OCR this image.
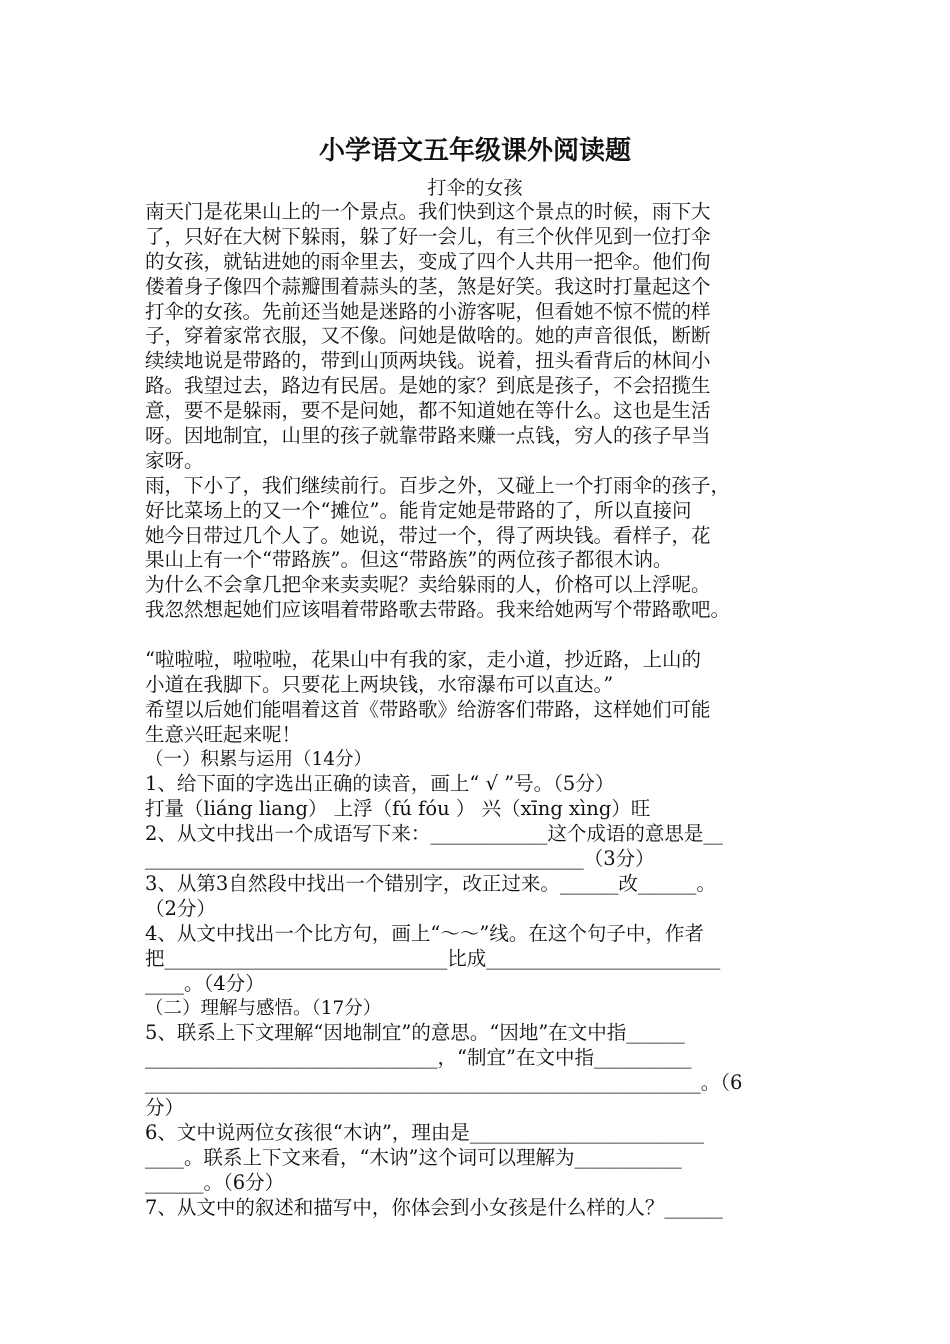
小学语文五年级课外阅读题
打伞的女孩
南天门是花果山上的一个景点。我们快到这个景点的时候，雨下大
了，只好在大树下躲雨，躲了好一会儿，有三个伙伴见到一位打伞
的女孩，就钻进她的雨伞里去，变成了四个人共用一把伞。他们佝
偻着身子像四个蒜瓣围着蒜头的茎，煞是好笑。我这时打量起这个
打伞的女孩。先前还当她是迷路的小游客呢，但看她不惊不慌的样
子，穿着家常衣服，又不像。问她是做啥的。她的声音很低，断断
续续地说是带路的，带到山顶两块钱。说着，扭头看背后的林间小
路。我望过去，路边有民居。是她的家？到底是孩子，不会招揽生
意，要不是躲雨，要不是问她，都不知道她在等什么。这也是生活
呀。因地制宜，山里的孩子就靠带路来赚一点钱，穷人的孩子早当
家呀。
雨，下小了，我们继续前行。百步之外，又碰上一个打雨伞的孩子，
好比菜场上的又一个“摊位”。能肯定她是带路的了，所以直接问
她今日带过几个人了。她说，带过一个，得了两块钱。看样子，花
果山上有一个“带路族”。但这“带路族”的两位孩子都很木讷。
为什么不会拿几把伞来卖卖呢？卖给躲雨的人，价格可以上浮呢。
我忽然想起她们应该唱着带路歌去带路。我来给她两写个带路歌吧。
“啦啦啦，啦啦啦，花果山中有我的家，走小道，抄近路，上山的
小道在我脚下。只要花上两块钱，水帘瀑布可以直达。”
希望以后她们能唱着这首《带路歌》给游客们带路，这样她们可能
生意兴旺起来呢！
（一）积累与运用（14分）
1、给下面的字选出正确的读音，画上“ √ ”号。（5分）
打量（liáng liang） 上浮（fú fóu ） 兴（xīng xìng）旺
2、从文中找出一个成语写下来：____________这个成语的意思是__
_____________________________________________（3分）
3、从第3自然段中找出一个错别字，改正过来。______改______。
（2分）
4、从文中找出一个比方句，画上“～～”线。在这个句子中，作者
把_____________________________比成________________________
____。（4分）
（二）理解与感悟。（17分）
5、联系上下文理解“因地制宜”的意思。“因地”在文中指______
______________________________，“制宜”在文中指__________
_________________________________________________________。（6
分）
6、文中说两位女孩很“木讷”，理由是________________________
____。联系上下文来看，“木讷”这个词可以理解为___________
______。（6分）
7、从文中的叙述和描写中，你体会到小女孩是什么样的人？______
